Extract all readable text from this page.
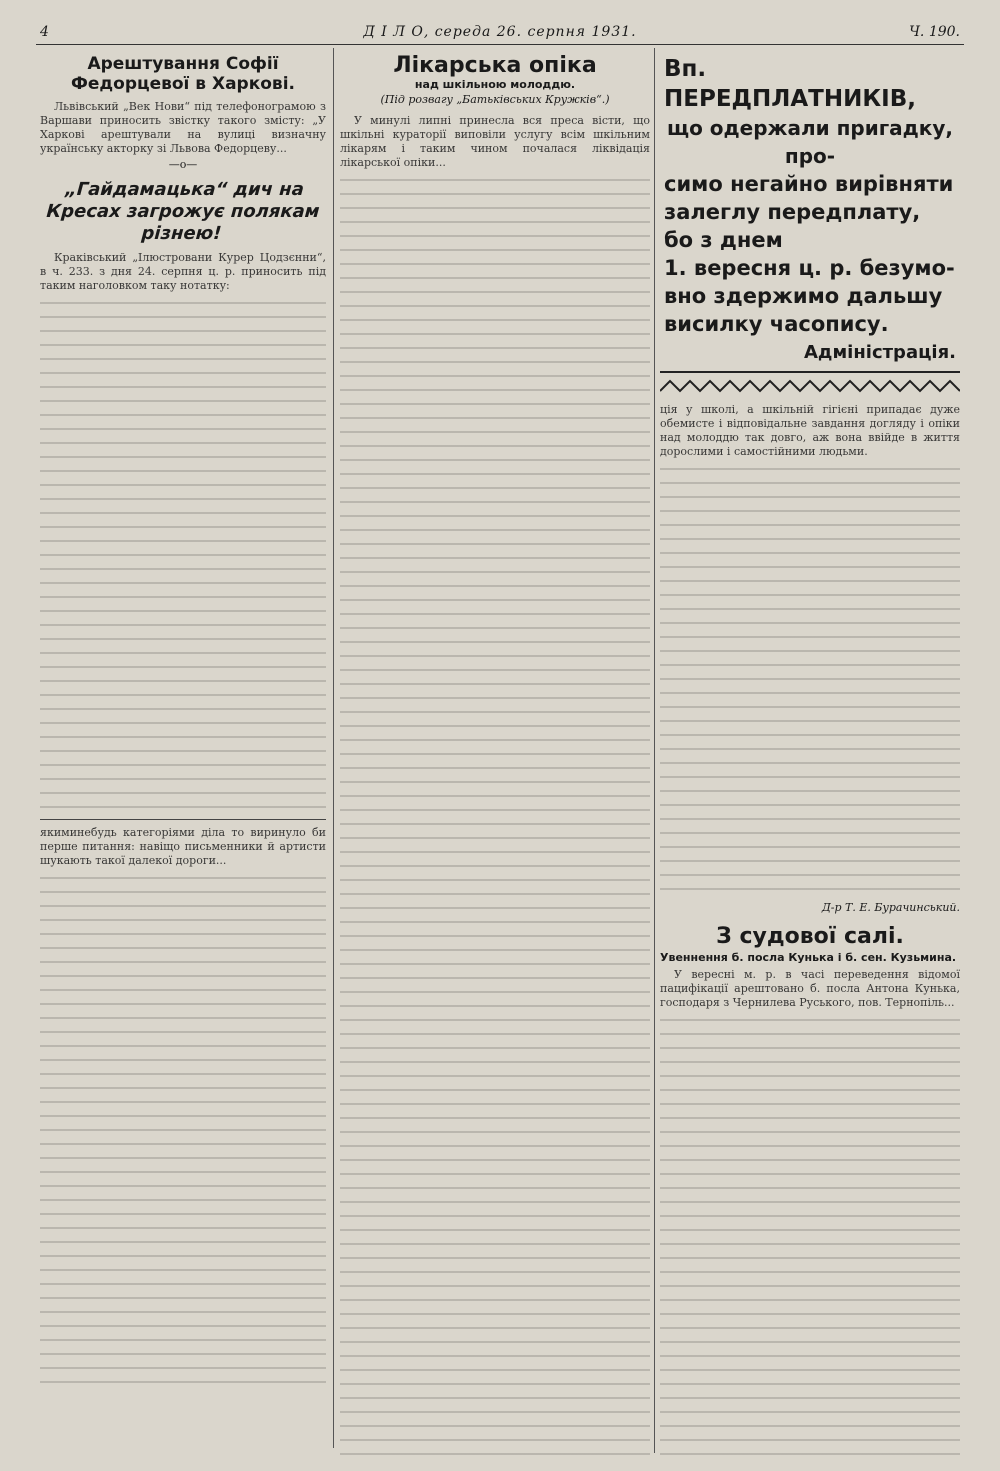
4	Д І Л О, середа 26. серпня 1931.	Ч. 190.
Арештування Софії Федорцевої в Харкові.

Львівський „Век Нови“ під телефонограмою з Варшави приносить звістку такого змісту: „У Харкові арештували на вулиці визначну українську акторку зі Львова Федорцеву...

—о—
„Гайдамацька“ дич на Кресах загрожує полякам різнею!

Краківський „Ілюстровани Курер Цодзєнни“, в ч. 233. з дня 24. серпня ц. р. приносить під таким наголовком таку нотатку:

якиминебудь категоріями діла то виринуло би перше питання: навіщо письменники й артисти шукають такої далекої дороги...

Лікарська опіка
над шкільною молоддю.
(Під розвагу „Батьківських Кружків“.)

У минулі липні принесла вся преса вісти, що шкільні кураторії виповіли услугу всім шкільним лікарям і таким чином почалася ліквідація лікарської опіки...

Вп. ПЕРЕДПЛАТНИКІВ,
що одержали пригадку, про-
симо негайно вирівняти
залеглу передплату, бо з днем
1. вересня ц. р. безумо-
вно здержимо дальшу
висилку часопису.
Адміністрація.

ція у школі, а шкільній гігієні припадає дуже обемисте і відповідальне завдання догляду і опіки над молоддю так довго, аж вона ввійде в життя дорослими і самостійними людьми.

Д-р Т. Е. Бурачинський.
З судової салі.
Увеннення б. посла Кунька і б. сен. Кузьмина.

У вересні м. р. в часі переведення відомої пацифікації арештовано б. посла Антона Кунька, господаря з Чернилева Руського, пов. Тернопіль...
